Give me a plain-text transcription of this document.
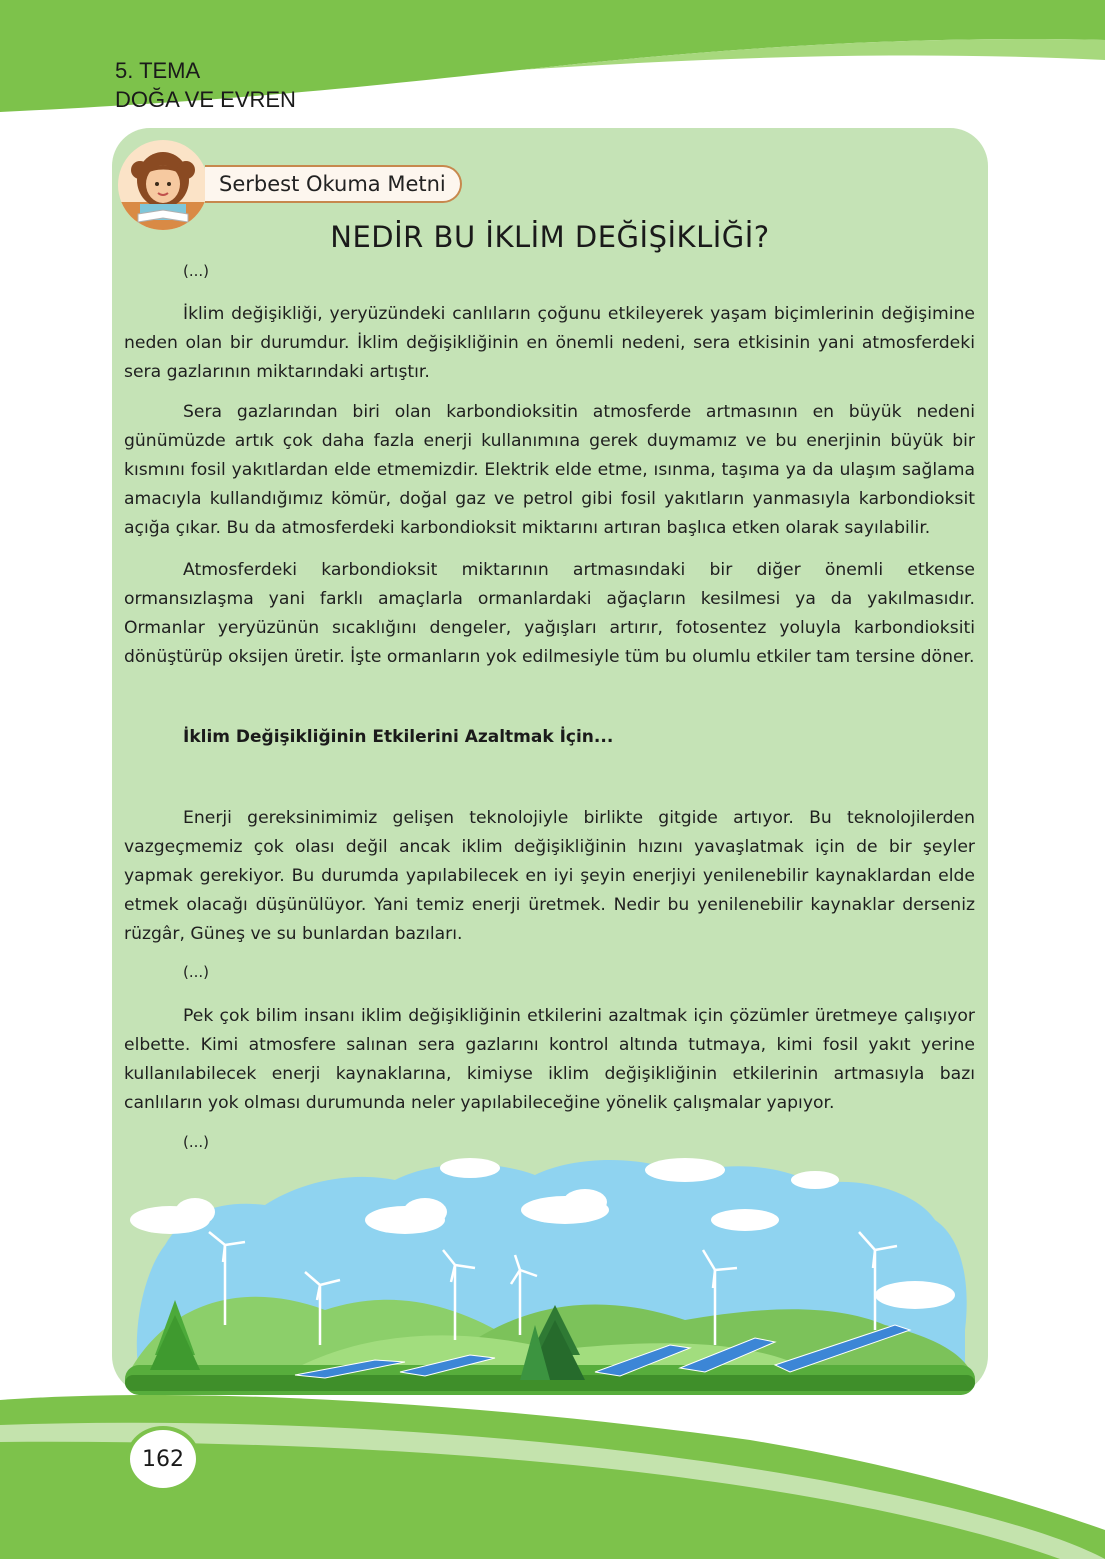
5. TEMA
DOĞA VE EVREN
Serbest Okuma Metni
NEDİR BU İKLİM DEĞİŞİKLİĞİ?
(...)

İklim değişikliği, yeryüzündeki canlıların çoğunu etkileyerek yaşam biçimlerinin değişimine neden olan bir durumdur. İklim değişikliğinin en önemli nedeni, sera etkisinin yani atmosferdeki sera gazlarının miktarındaki artıştır.

Sera gazlarından biri olan karbondioksitin atmosferde artmasının en büyük nedeni günümüzde artık çok daha fazla enerji kullanımına gerek duymamız ve bu enerjinin büyük bir kısmını fosil yakıtlardan elde etmemizdir. Elektrik elde etme, ısınma, taşıma ya da ulaşım sağlama amacıyla kullandığımız kömür, doğal gaz ve petrol gibi fosil yakıtların yanmasıyla karbondioksit açığa çıkar. Bu da atmosferdeki karbondioksit miktarını artıran başlıca etken olarak sayılabilir.

Atmosferdeki karbondioksit miktarının artmasındaki bir diğer önemli etkense ormansızlaşma yani farklı amaçlarla ormanlardaki ağaçların kesilmesi ya da yakılmasıdır. Ormanlar yeryüzünün sıcaklığını dengeler, yağışları artırır, fotosentez yoluyla karbondioksiti dönüştürüp oksijen üretir. İşte ormanların yok edilmesiyle tüm bu olumlu etkiler tam tersine döner.

İklim Değişikliğinin Etkilerini Azaltmak İçin...

Enerji gereksinimimiz gelişen teknolojiyle birlikte gitgide artıyor. Bu teknolojilerden vazgeçmemiz çok olası değil ancak iklim değişikliğinin hızını yavaşlatmak için de bir şeyler yapmak gerekiyor. Bu durumda yapılabilecek en iyi şeyin enerjiyi yenilenebilir kaynaklardan elde etmek olacağı düşünülüyor. Yani temiz enerji üretmek. Nedir bu yenilenebilir kaynaklar derseniz rüzgâr, Güneş ve su bunlardan bazıları.

(...)

Pek çok bilim insanı iklim değişikliğinin etkilerini azaltmak için çözümler üretmeye çalışıyor elbette. Kimi atmosfere salınan sera gazlarını kontrol altında tutmaya, kimi fosil yakıt yerine kullanılabilecek enerji kaynaklarına, kimiyse iklim değişikliğinin etkilerinin artmasıyla bazı canlıların yok olması durumunda neler yapılabileceğine yönelik çalışmalar yapıyor.

(...)
162
